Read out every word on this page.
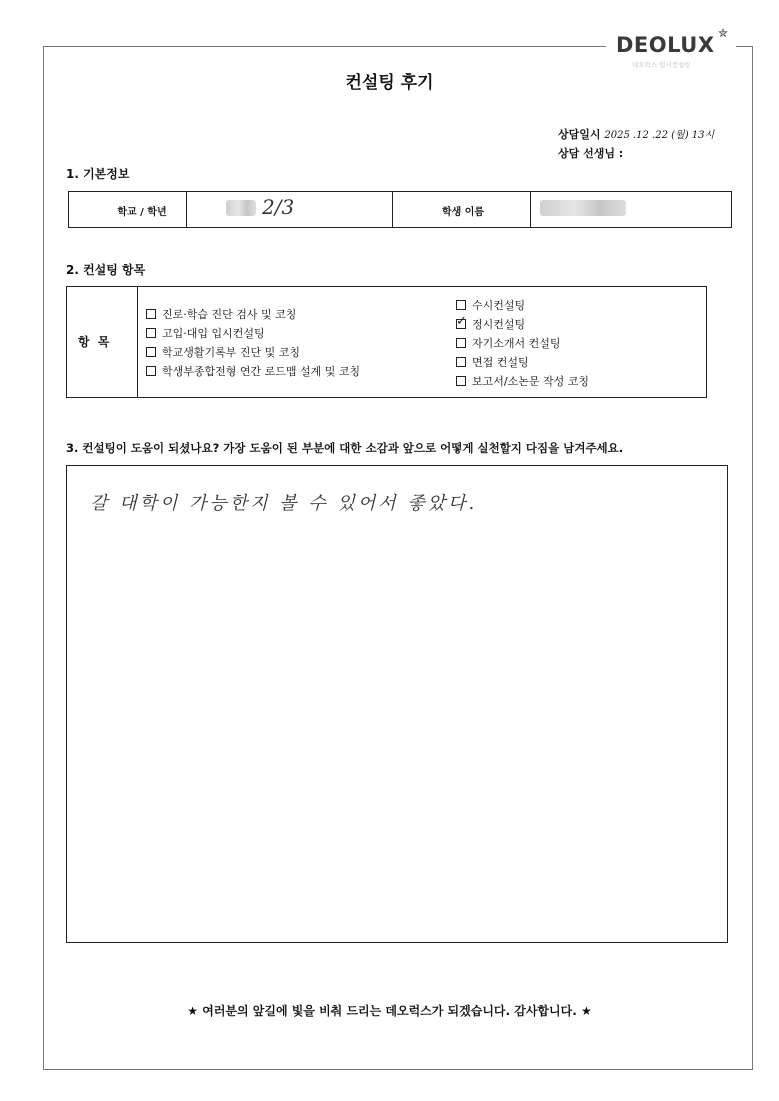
DEOLUX ✮
데오럭스 입시컨설팅
컨설팅 후기
상담일시 2025 .12 .22 (월) 13시
상담 선생님 :
1. 기본정보
학교 / 학년	2/3	학생 이름
2. 컨설팅 항목
항 목
진로·학습 진단 검사 및 코칭
고입·대입 입시컨설팅
학교생활기록부 진단 및 코칭
학생부종합전형 연간 로드맵 설계 및 코칭
수시컨설팅
✓ 정시컨설팅
자기소개서 컨설팅
면접 컨설팅
보고서/소논문 작성 코칭
3. 컨설팅이 도움이 되셨나요? 가장 도움이 된 부분에 대한 소감과 앞으로 어떻게 실천할지 다짐을 남겨주세요.
갈 대학이 가능한지 볼 수 있어서 좋았다.
★ 여러분의 앞길에 빛을 비춰 드리는 데오럭스가 되겠습니다. 감사합니다. ★
